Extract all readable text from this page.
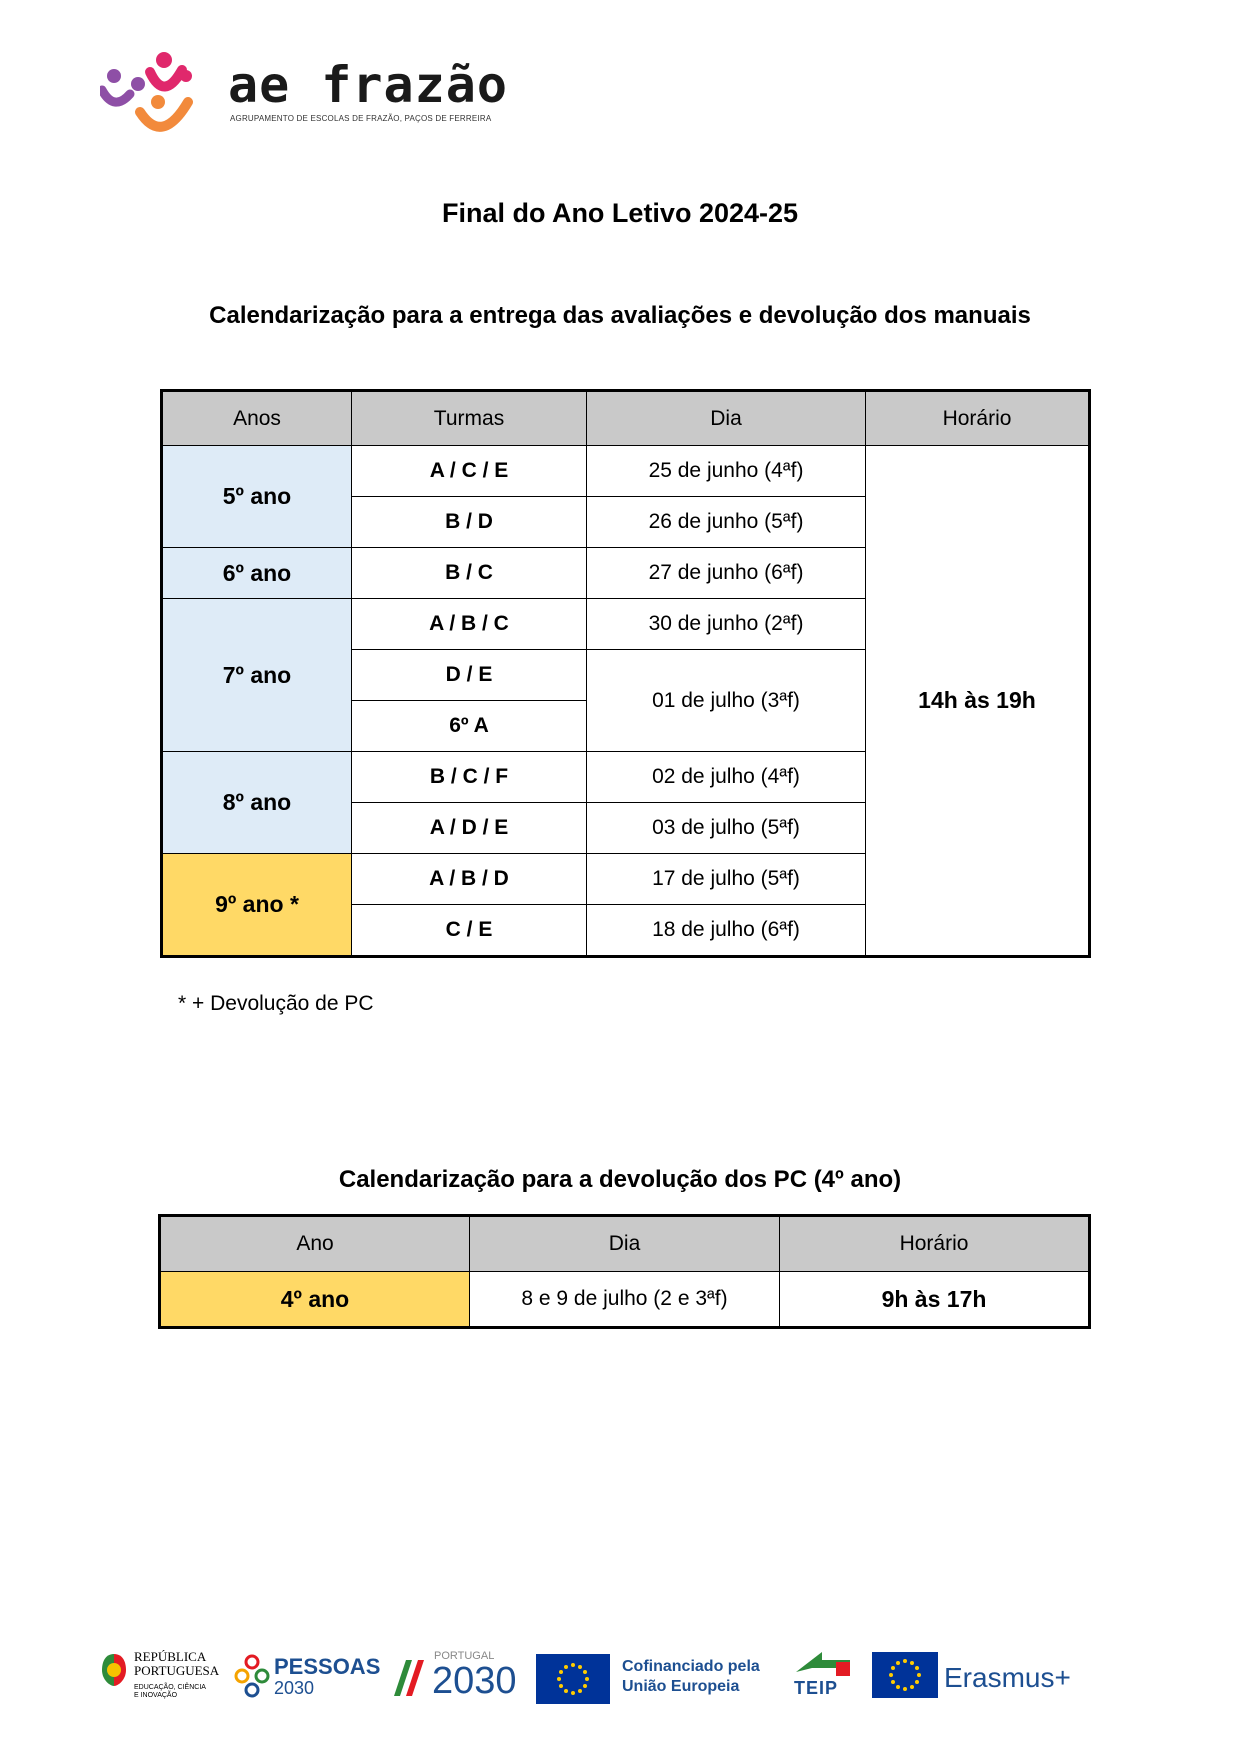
ae frazão
AGRUPAMENTO DE ESCOLAS DE FRAZÃO, PAÇOS DE FERREIRA
Final do Ano Letivo 2024-25
Calendarização para a entrega das avaliações e devolução dos manuais
Anos	Turmas	Dia	Horário
5º ano	A / C / E	25 de junho (4ªf)	14h às 19h
	B / D	26 de junho (5ªf)	
6º ano	B / C	27 de junho (6ªf)	
7º ano	A / B / C	30 de junho (2ªf)	
	D / E	01 de julho (3ªf)	
	6º A		
8º ano	B / C / F	02 de julho (4ªf)	
	A / D / E	03 de julho (5ªf)	
9º ano *	A / B / D	17 de julho (5ªf)	
	C / E	18 de julho (6ªf)	
* + Devolução de PC
Calendarização para a devolução dos PC (4º ano)
Ano	Dia	Horário
4º ano	8 e 9 de julho (2 e 3ªf)	9h às 17h
REPÚBLICA
PORTUGUESA
EDUCAÇÃO, CIÊNCIA
E INOVAÇÃO
PESSOAS
2030
PORTUGAL
2030	Cofinanciado pela
União Europeia	TEIP	Erasmus+
